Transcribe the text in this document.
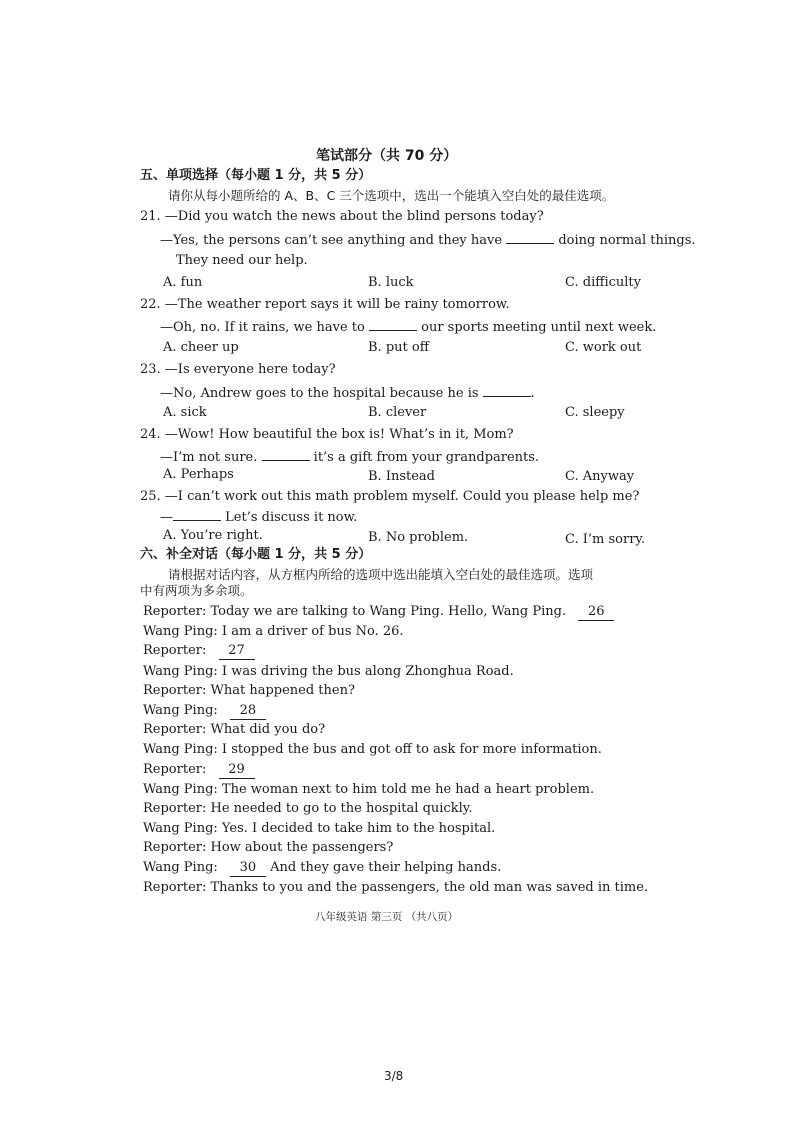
笔试部分（共 70 分）
五、单项选择（每小题 1 分，共 5 分）
请你从每小题所给的 A、B、C 三个选项中，选出一个能填入空白处的最佳选项。
21. —Did you watch the news about the blind persons today?
—Yes, the persons can’t see anything and they have	doing normal things.
They need our help.
A. fun	B. luck	C. difficulty
22. —The weather report says it will be rainy tomorrow.
—Oh, no. If it rains, we have to	our sports meeting until next week.
A. cheer up	B. put off	C. work out
23. —Is everyone here today?
—No, Andrew goes to the hospital because he is	.
A. sick	B. clever	C. sleepy
24. —Wow! How beautiful the box is! What’s in it, Mom?
—I’m not sure.	it’s a gift from your grandparents.
A. Perhaps	B. Instead	C. Anyway
25. —I can’t work out this math problem myself. Could you please help me?
—	Let’s discuss it now.
A. You’re right.	B. No problem.	C. I’m sorry.
六、补全对话（每小题 1 分，共 5 分）
请根据对话内容，从方框内所给的选项中选出能填入空白处的最佳选项。选项
中有两项为多余项。
Reporter: Today we are talking to Wang Ping. Hello, Wang Ping. 26
Wang Ping: I am a driver of bus No. 26.
Reporter: 27
Wang Ping: I was driving the bus along Zhonghua Road.
Reporter: What happened then?
Wang Ping: 28
Reporter: What did you do?
Wang Ping: I stopped the bus and got off to ask for more information.
Reporter: 29
Wang Ping: The woman next to him told me he had a heart problem.
Reporter: He needed to go to the hospital quickly.
Wang Ping: Yes. I decided to take him to the hospital.
Reporter: How about the passengers?
Wang Ping: 30 And they gave their helping hands.
Reporter: Thanks to you and the passengers, the old man was saved in time.
八年级英语 第三页 （共八页）
3/8
